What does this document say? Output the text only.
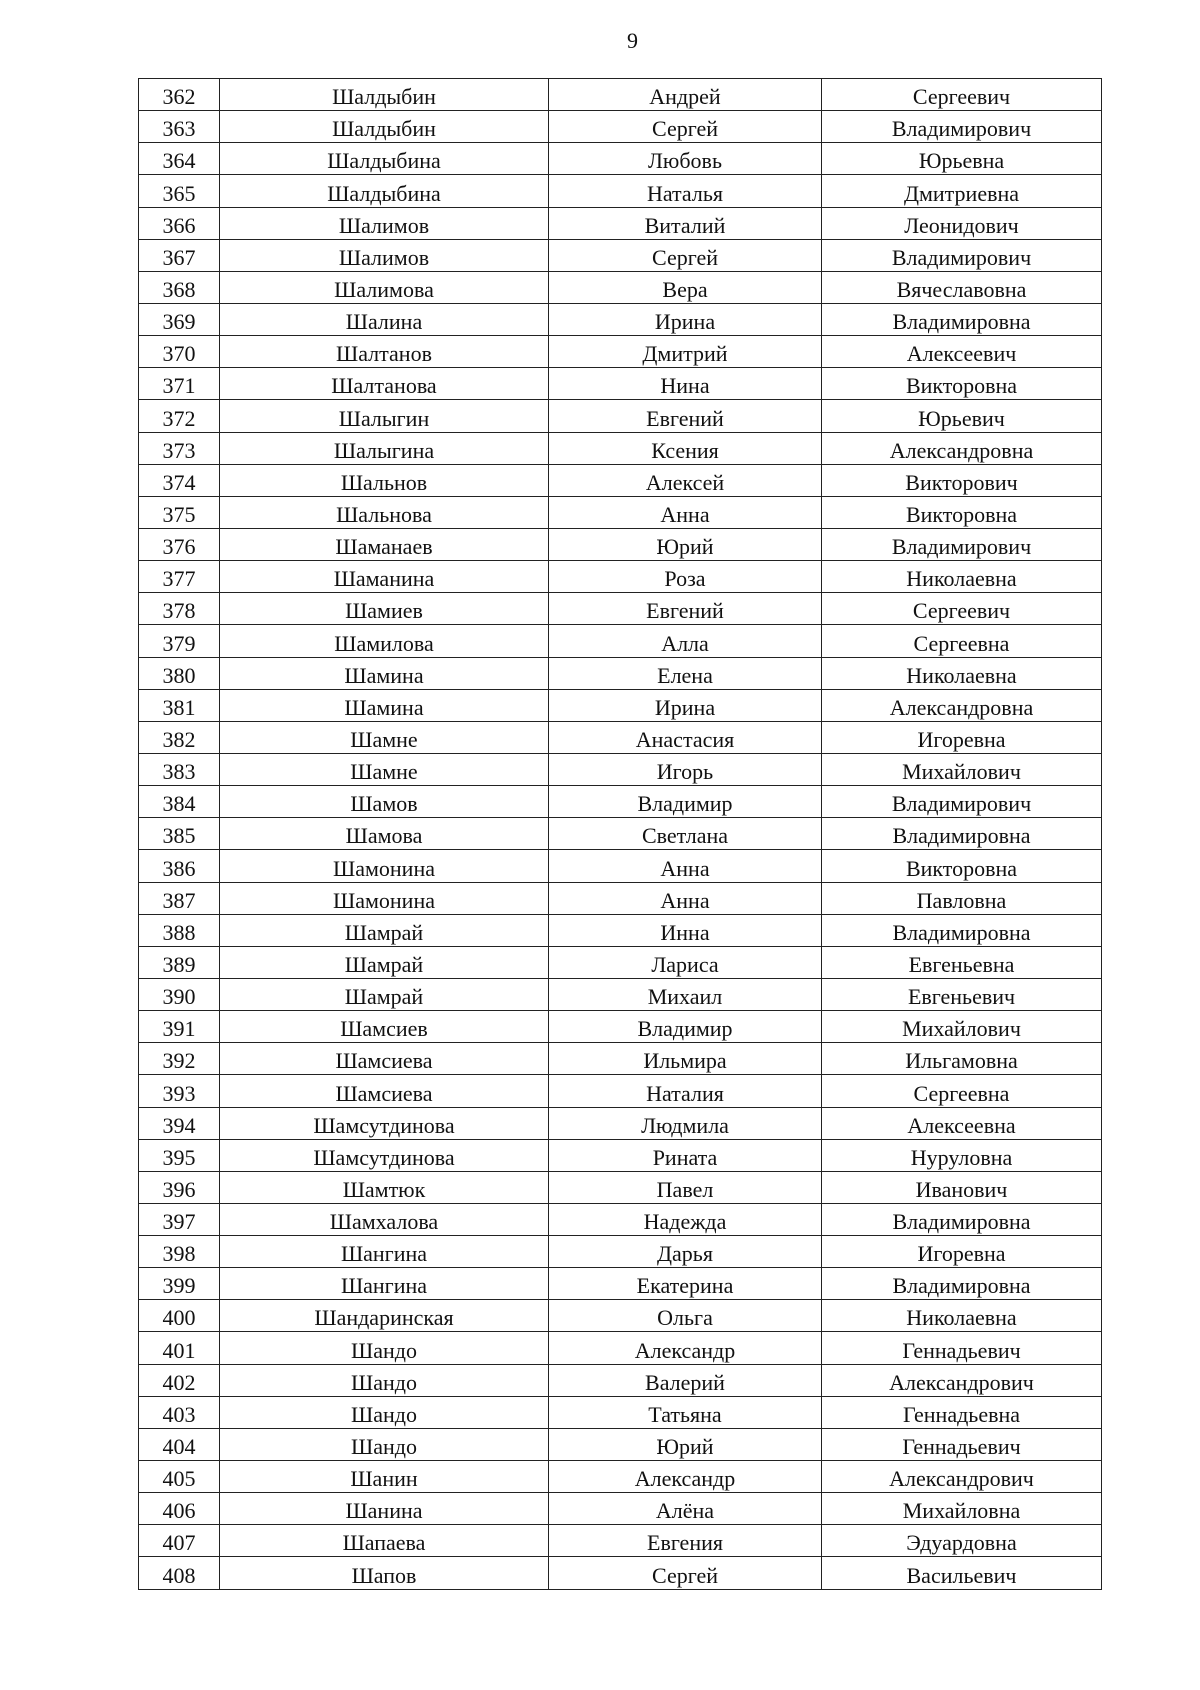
9
362	Шалдыбин	Андрей	Сергеевич
363	Шалдыбин	Сергей	Владимирович
364	Шалдыбина	Любовь	Юрьевна
365	Шалдыбина	Наталья	Дмитриевна
366	Шалимов	Виталий	Леонидович
367	Шалимов	Сергей	Владимирович
368	Шалимова	Вера	Вячеславовна
369	Шалина	Ирина	Владимировна
370	Шалтанов	Дмитрий	Алексеевич
371	Шалтанова	Нина	Викторовна
372	Шалыгин	Евгений	Юрьевич
373	Шалыгина	Ксения	Александровна
374	Шальнов	Алексей	Викторович
375	Шальнова	Анна	Викторовна
376	Шаманаев	Юрий	Владимирович
377	Шаманина	Роза	Николаевна
378	Шамиев	Евгений	Сергеевич
379	Шамилова	Алла	Сергеевна
380	Шамина	Елена	Николаевна
381	Шамина	Ирина	Александровна
382	Шамне	Анастасия	Игоревна
383	Шамне	Игорь	Михайлович
384	Шамов	Владимир	Владимирович
385	Шамова	Светлана	Владимировна
386	Шамонина	Анна	Викторовна
387	Шамонина	Анна	Павловна
388	Шамрай	Инна	Владимировна
389	Шамрай	Лариса	Евгеньевна
390	Шамрай	Михаил	Евгеньевич
391	Шамсиев	Владимир	Михайлович
392	Шамсиева	Ильмира	Ильгамовна
393	Шамсиева	Наталия	Сергеевна
394	Шамсутдинова	Людмила	Алексеевна
395	Шамсутдинова	Рината	Нуруловна
396	Шамтюк	Павел	Иванович
397	Шамхалова	Надежда	Владимировна
398	Шангина	Дарья	Игоревна
399	Шангина	Екатерина	Владимировна
400	Шандаринская	Ольга	Николаевна
401	Шандо	Александр	Геннадьевич
402	Шандо	Валерий	Александрович
403	Шандо	Татьяна	Геннадьевна
404	Шандо	Юрий	Геннадьевич
405	Шанин	Александр	Александрович
406	Шанина	Алёна	Михайловна
407	Шапаева	Евгения	Эдуардовна
408	Шапов	Сергей	Васильевич
